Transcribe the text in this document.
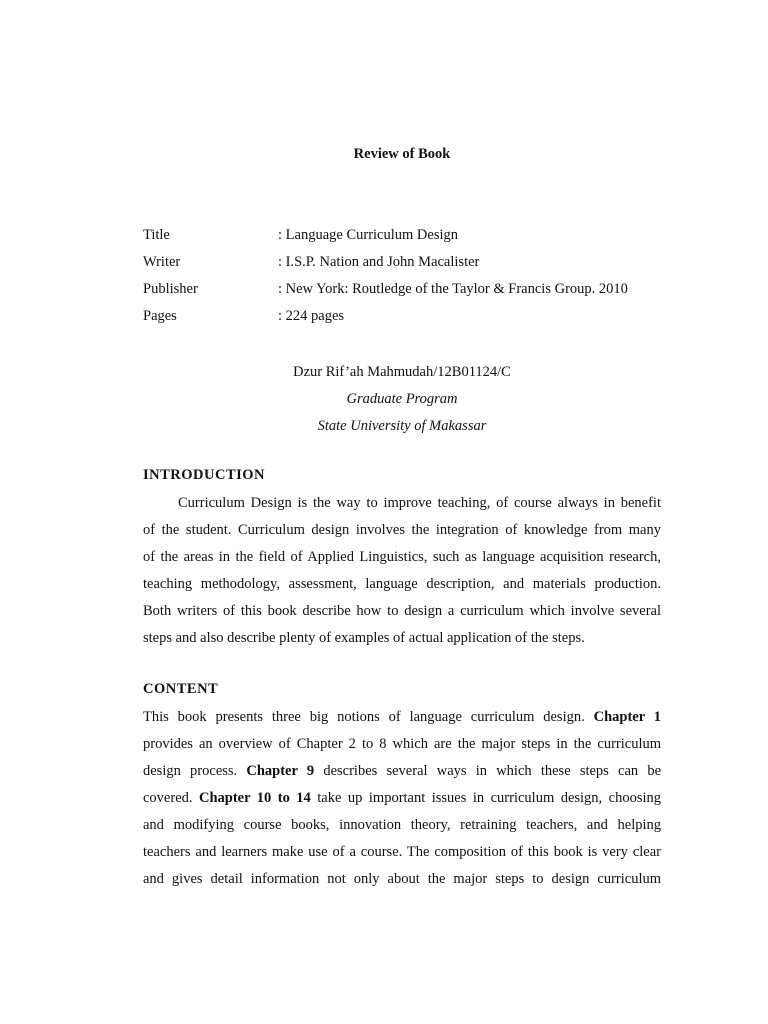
Review of Book
Title	: Language Curriculum Design
Writer	: I.S.P. Nation and John Macalister
Publisher	: New York: Routledge of the Taylor & Francis Group. 2010
Pages	: 224 pages
Dzur Rif’ah Mahmudah/12B01124/C
Graduate Program
State University of Makassar
INTRODUCTION
Curriculum Design is the way to improve teaching, of course always in benefit
of the student. Curriculum design involves the integration of knowledge from many
of the areas in the field of Applied Linguistics, such as language acquisition research,
teaching methodology, assessment, language description, and materials production.
Both writers of this book describe how to design a curriculum which involve several
steps and also describe plenty of examples of actual application of the steps.
CONTENT
This book presents three big notions of language curriculum design. Chapter 1
provides an overview of Chapter 2 to 8 which are the major steps in the curriculum
design process. Chapter 9 describes several ways in which these steps can be
covered. Chapter 10 to 14 take up important issues in curriculum design, choosing
and modifying course books, innovation theory, retraining teachers, and helping
teachers and learners make use of a course. The composition of this book is very clear
and gives detail information not only about the major steps to design curriculum
